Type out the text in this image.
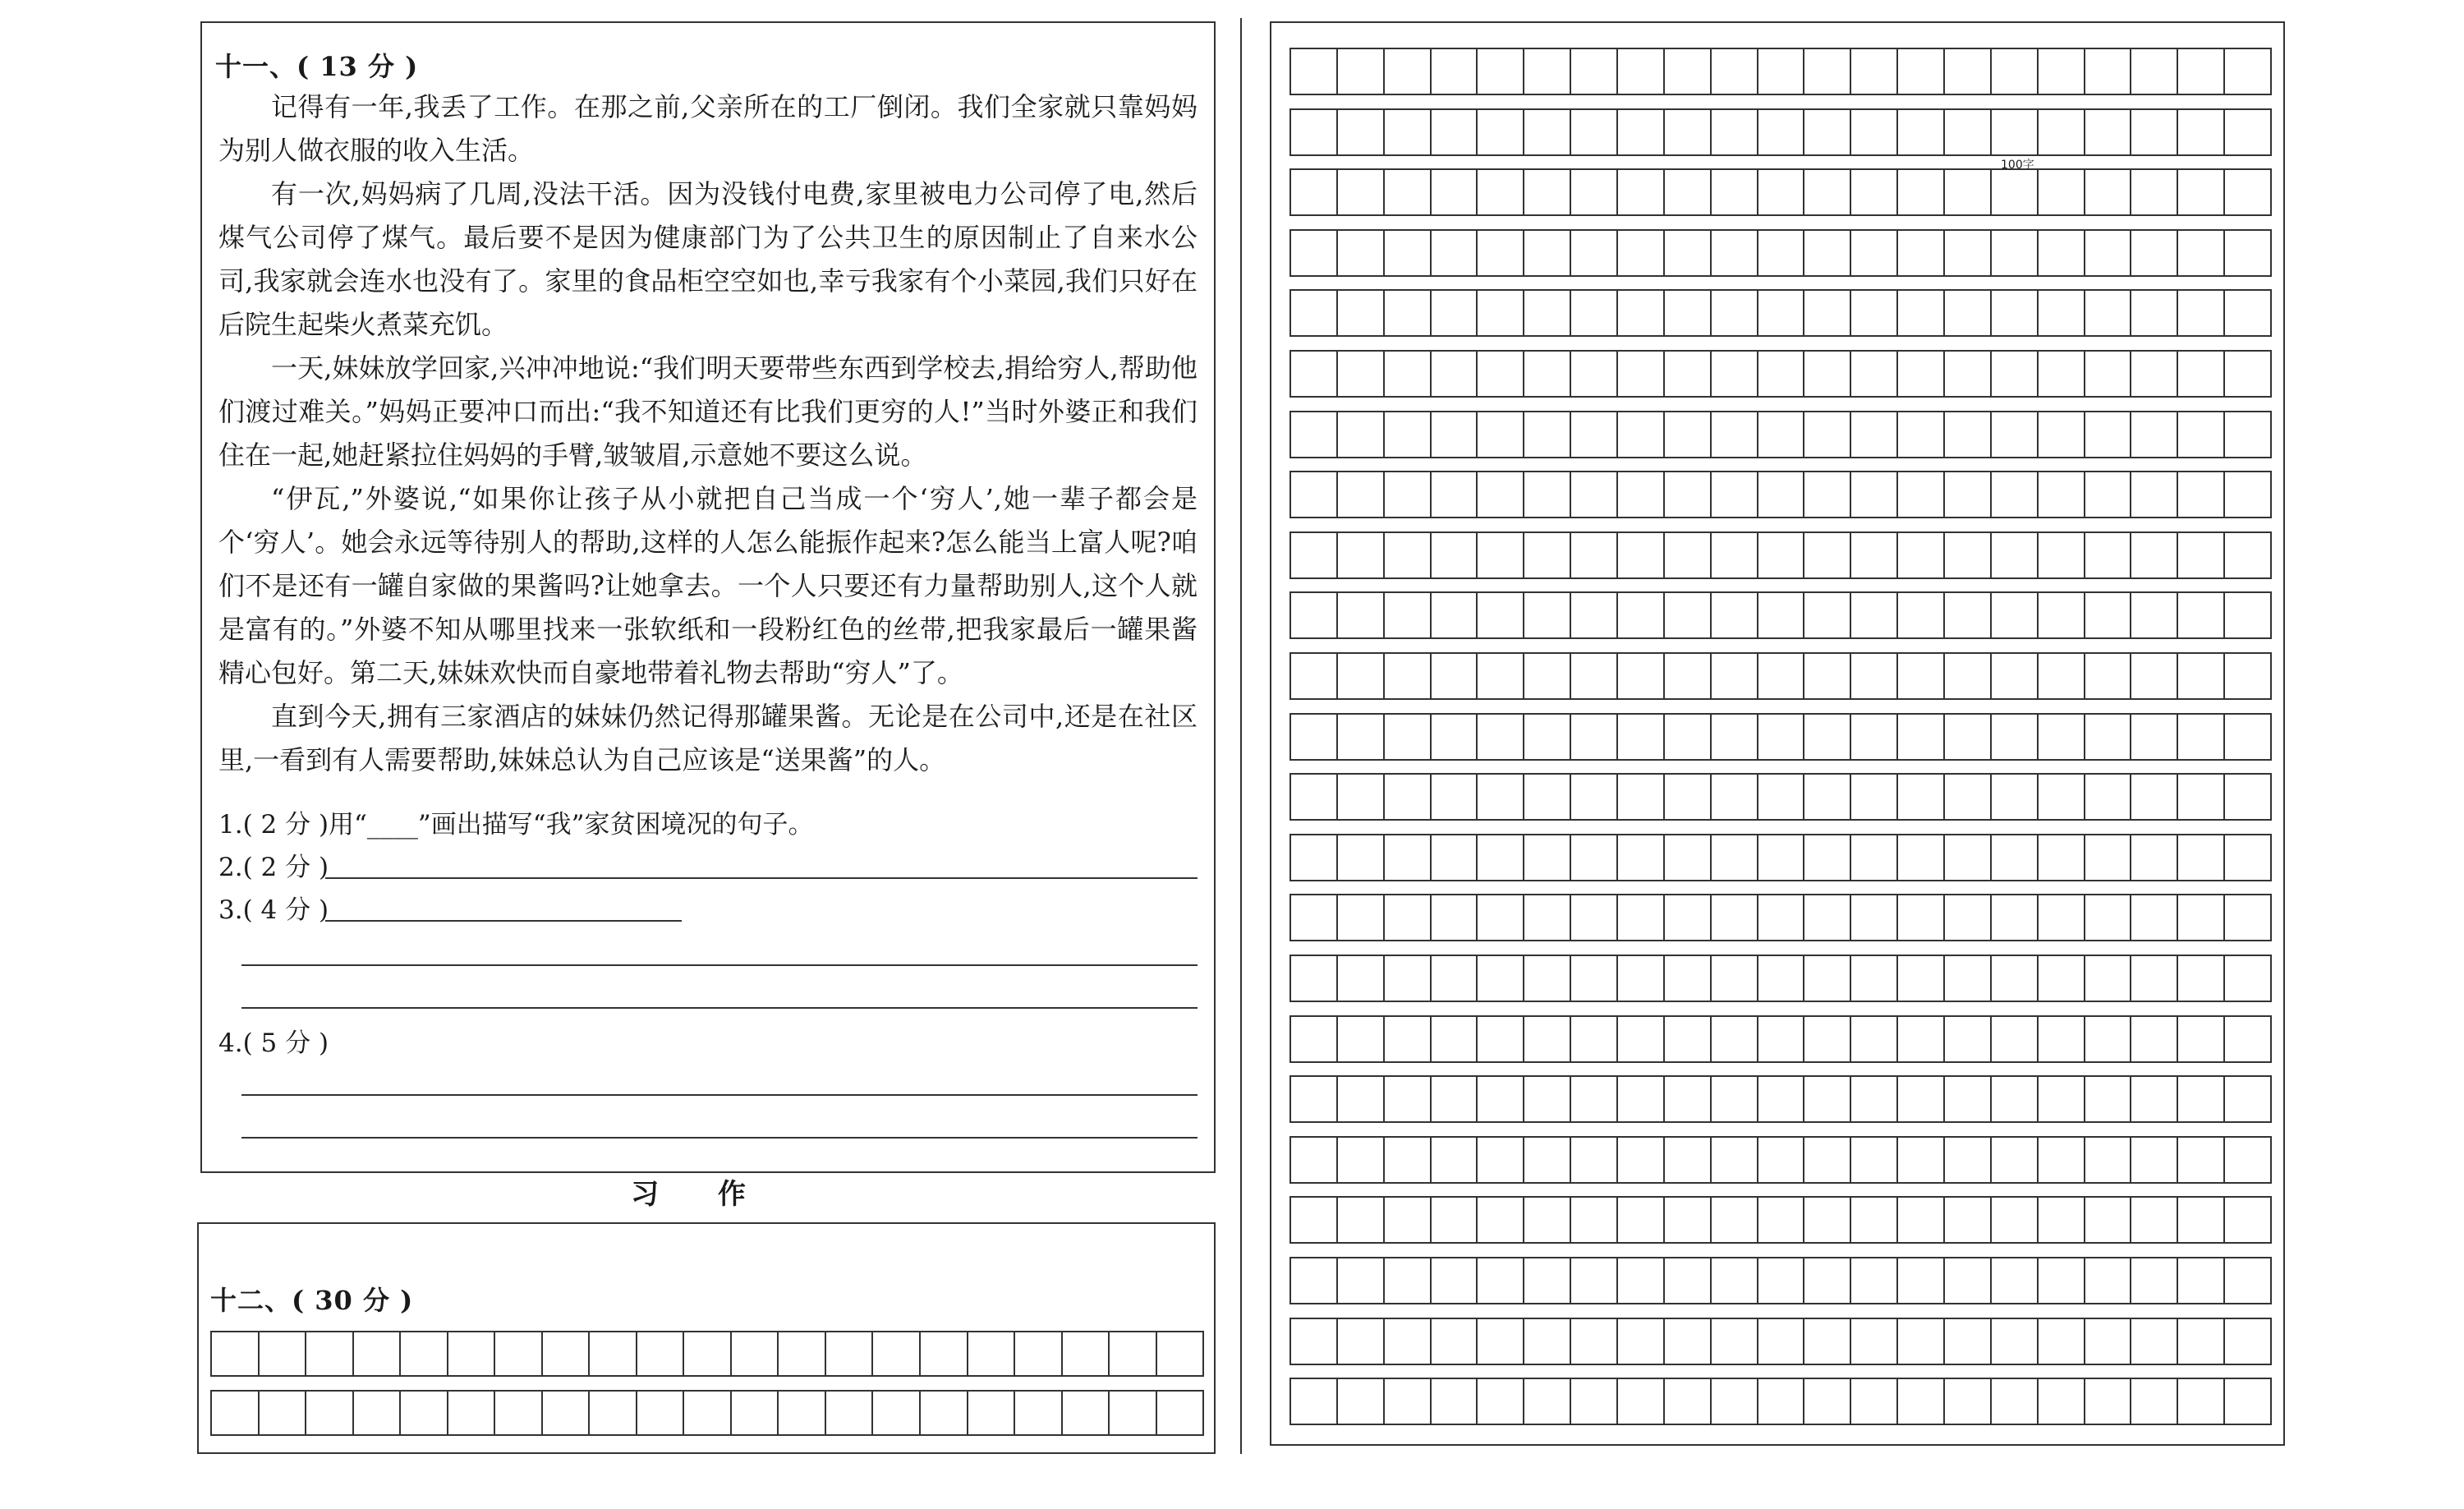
十一、( 13 分 )

记得有一年,我丢了工作。在那之前,父亲所在的工厂倒闭。我们全家就只靠妈妈为别人做衣服的收入生活。

有一次,妈妈病了几周,没法干活。因为没钱付电费,家里被电力公司停了电,然后煤气公司停了煤气。最后要不是因为健康部门为了公共卫生的原因制止了自来水公司,我家就会连水也没有了。家里的食品柜空空如也,幸亏我家有个小菜园,我们只好在后院生起柴火煮菜充饥。

一天,妹妹放学回家,兴冲冲地说:“我们明天要带些东西到学校去,捐给穷人,帮助他们渡过难关。”妈妈正要冲口而出:“我不知道还有比我们更穷的人!”当时外婆正和我们住在一起,她赶紧拉住妈妈的手臂,皱皱眉,示意她不要这么说。

“伊瓦,”外婆说,“如果你让孩子从小就把自己当成一个‘穷人’,她一辈子都会是个‘穷人’。她会永远等待别人的帮助,这样的人怎么能振作起来?怎么能当上富人呢?咱们不是还有一罐自家做的果酱吗?让她拿去。一个人只要还有力量帮助别人,这个人就是富有的。”外婆不知从哪里找来一张软纸和一段粉红色的丝带,把我家最后一罐果酱精心包好。第二天,妹妹欢快而自豪地带着礼物去帮助“穷人”了。

直到今天,拥有三家酒店的妹妹仍然记得那罐果酱。无论是在公司中,还是在社区里,一看到有人需要帮助,妹妹总认为自己应该是“送果酱”的人。

1.( 2 分 )用“____”画出描写“我”家贫困境况的句子。
2.( 2 分 )
3.( 4 分 )
4.( 5 分 )
习 作
十二、( 30 分 )
100字
